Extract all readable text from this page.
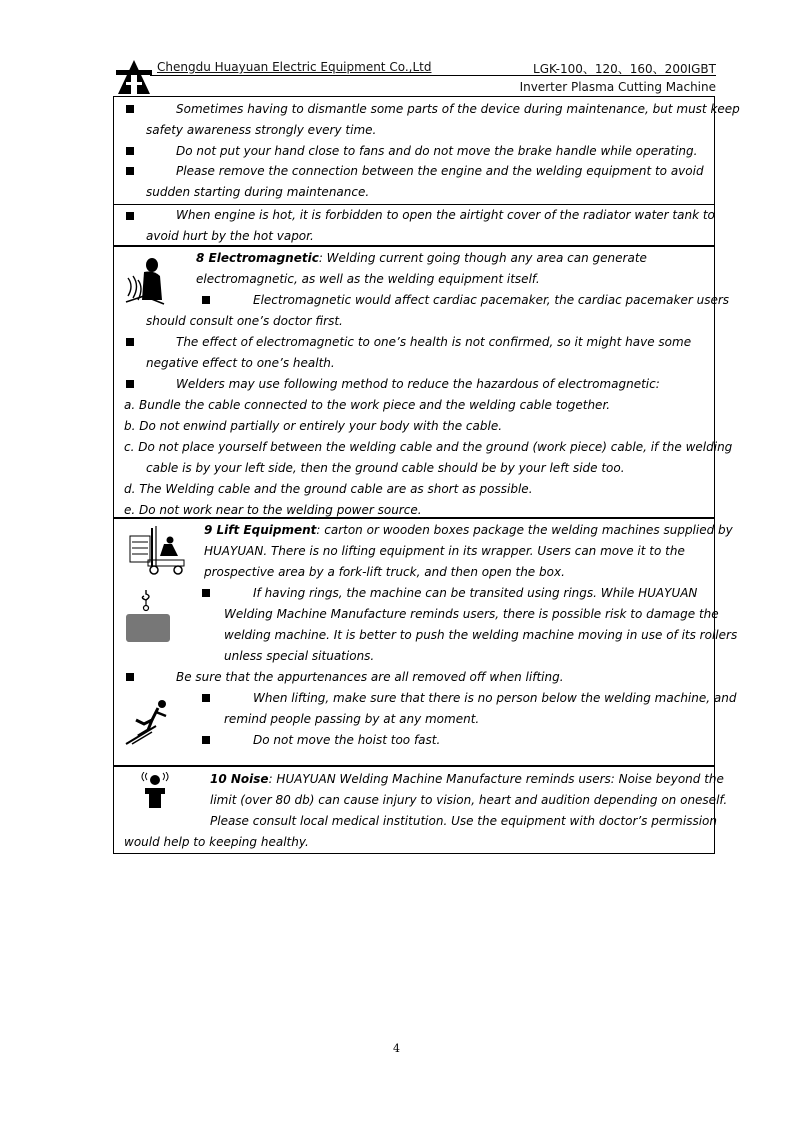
Chengdu Huayuan Electric Equipment Co.,Ltd	LGK-100、120、160、200IGBT
Inverter Plasma Cutting Machine
Sometimes having to dismantle some parts of the device during maintenance, but must keep
safety awareness strongly every time.
Do not put your hand close to fans and do not move the brake handle while operating.
Please remove the connection between the engine and the welding equipment to avoid
sudden starting during maintenance.
When engine is hot, it is forbidden to open the airtight cover of the radiator water tank to
avoid hurt by the hot vapor.
8 Electromagnetic: Welding current going though any area can generate
electromagnetic, as well as the welding equipment itself.
Electromagnetic would affect cardiac pacemaker, the cardiac pacemaker users
should consult one’s doctor first.
The effect of electromagnetic to one’s health is not confirmed, so it might have some
negative effect to one’s health.
Welders may use following method to reduce the hazardous of electromagnetic:
a. Bundle the cable connected to the work piece and the welding cable together.
b. Do not enwind partially or entirely your body with the cable.
c. Do not place yourself between the welding cable and the ground (work piece) cable, if the welding
cable is by your left side, then the ground cable should be by your left side too.
d. The Welding cable and the ground cable are as short as possible.
e. Do not work near to the welding power source.
9 Lift Equipment: carton or wooden boxes package the welding machines supplied by
HUAYUAN. There is no lifting equipment in its wrapper. Users can move it to the
prospective area by a fork-lift truck, and then open the box.
If having rings, the machine can be transited using rings. While HUAYUAN
Welding Machine Manufacture reminds users, there is possible risk to damage the
welding machine. It is better to push the welding machine moving in use of its rollers
unless special situations.
Be sure that the appurtenances are all removed off when lifting.
When lifting, make sure that there is no person below the welding machine, and
remind people passing by at any moment.
Do not move the hoist too fast.
10 Noise: HUAYUAN Welding Machine Manufacture reminds users: Noise beyond the
limit (over 80 db) can cause injury to vision, heart and audition depending on oneself.
Please consult local medical institution. Use the equipment with doctor’s permission
would help to keeping healthy.
4
